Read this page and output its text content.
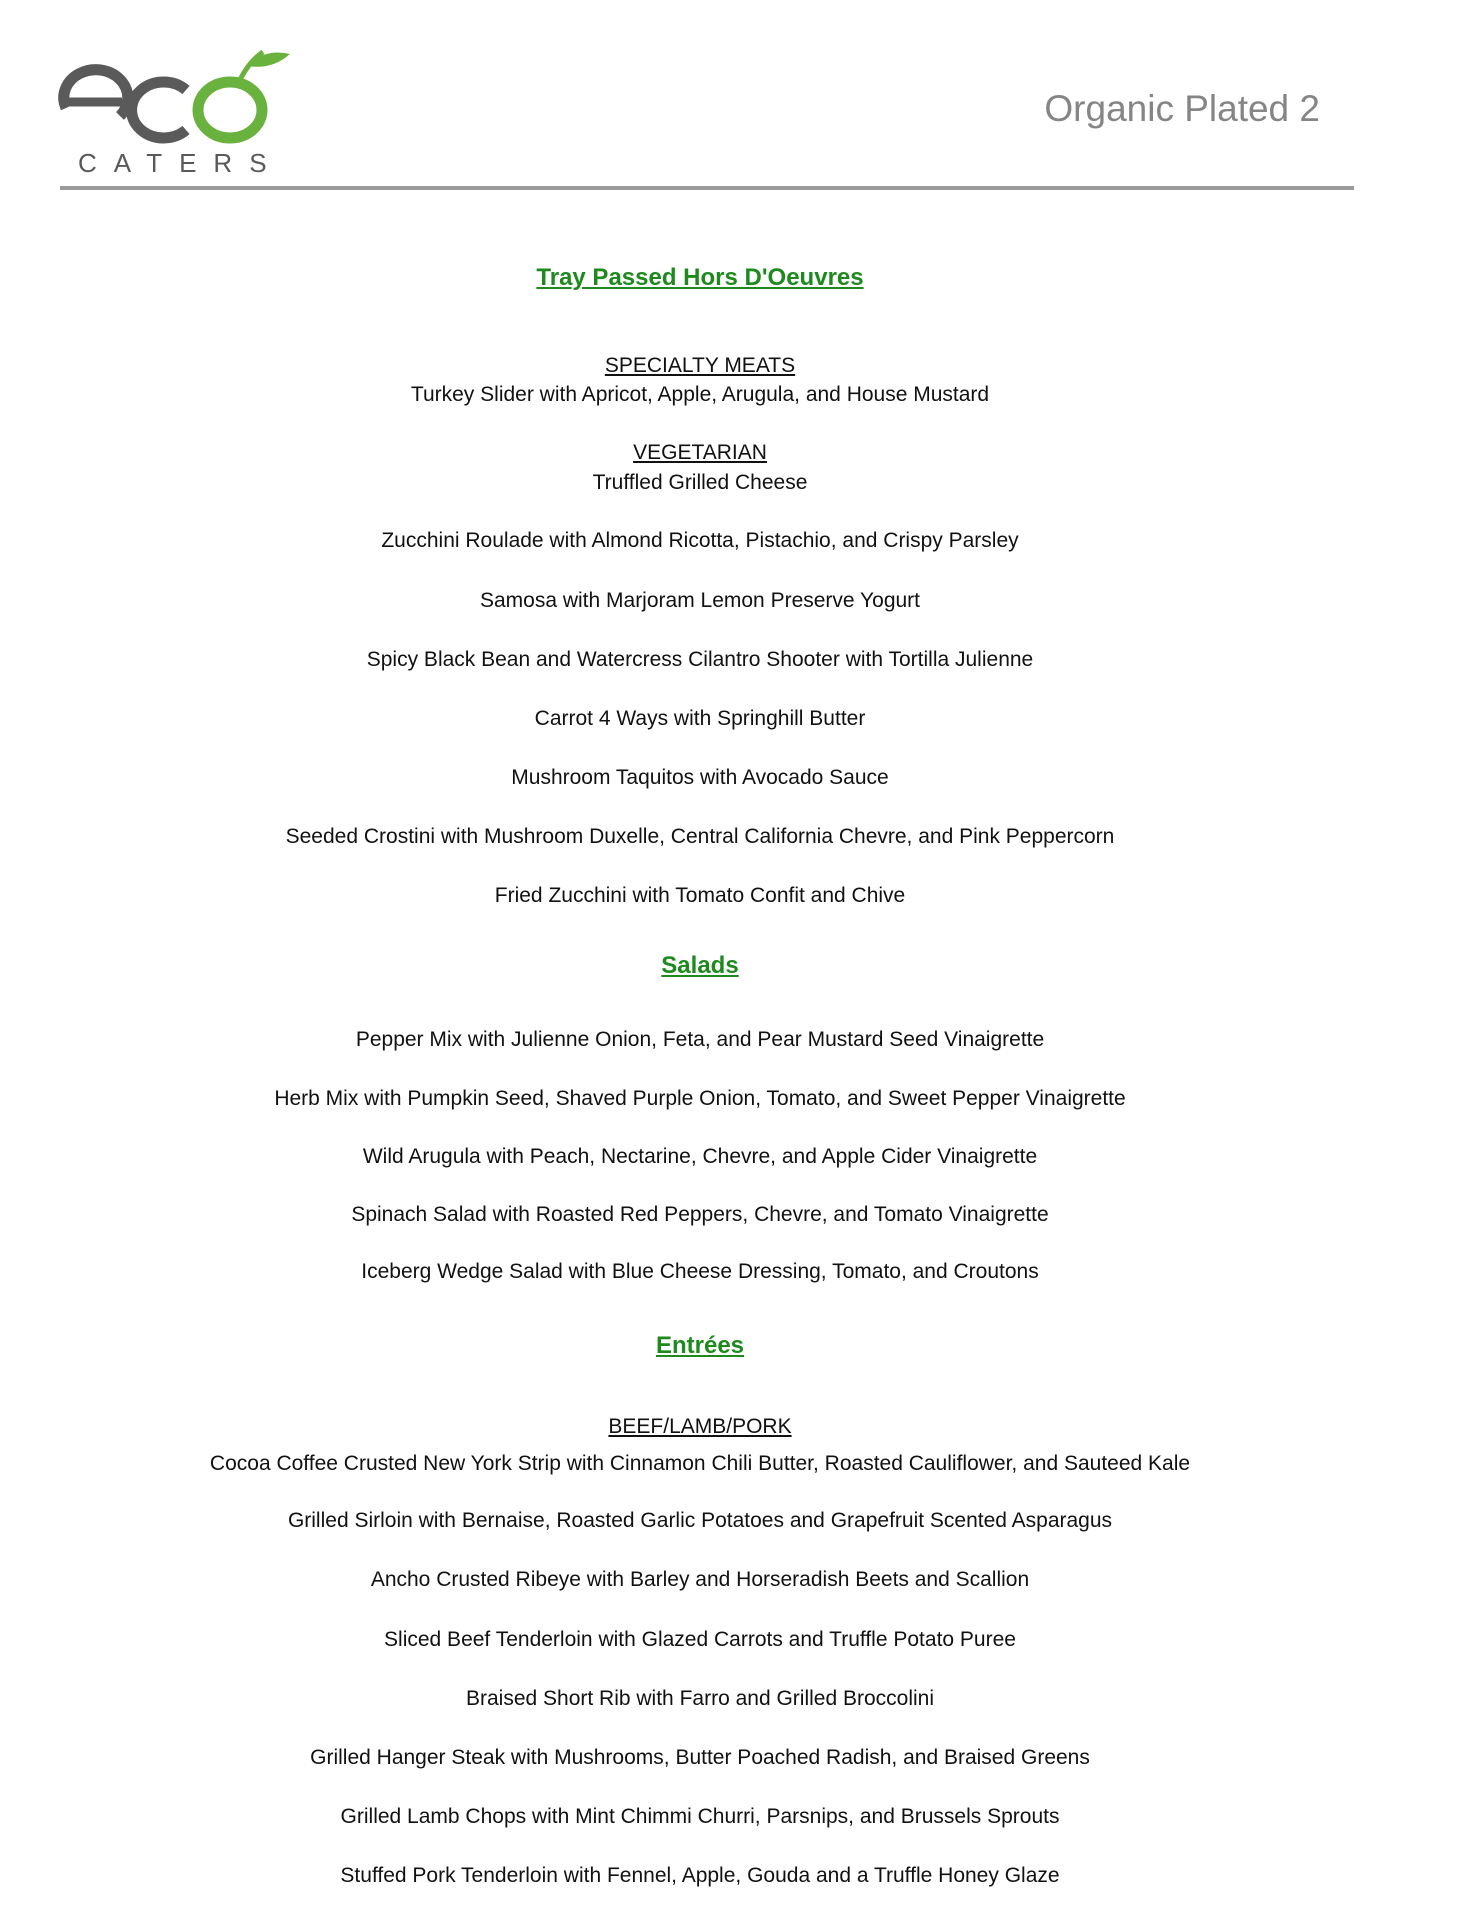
CATERS
Organic Plated 2
Tray Passed Hors D'Oeuvres
SPECIALTY MEATS
Turkey Slider with Apricot, Apple, Arugula, and House Mustard
VEGETARIAN
Truffled Grilled Cheese
Zucchini Roulade with Almond Ricotta, Pistachio, and Crispy Parsley
Samosa with Marjoram Lemon Preserve Yogurt
Spicy Black Bean and Watercress Cilantro Shooter with Tortilla Julienne
Carrot 4 Ways with Springhill Butter
Mushroom Taquitos with Avocado Sauce
Seeded Crostini with Mushroom Duxelle, Central California Chevre, and Pink Peppercorn
Fried Zucchini with Tomato Confit and Chive
Salads
Pepper Mix with Julienne Onion, Feta, and Pear Mustard Seed Vinaigrette
Herb Mix with Pumpkin Seed, Shaved Purple Onion, Tomato, and Sweet Pepper Vinaigrette
Wild Arugula with Peach, Nectarine, Chevre, and Apple Cider Vinaigrette
Spinach Salad with Roasted Red Peppers, Chevre, and Tomato Vinaigrette
Iceberg Wedge Salad with Blue Cheese Dressing, Tomato, and Croutons
Entrées
BEEF/LAMB/PORK
Cocoa Coffee Crusted New York Strip with Cinnamon Chili Butter, Roasted Cauliflower, and Sauteed Kale
Grilled Sirloin with Bernaise, Roasted Garlic Potatoes and Grapefruit Scented Asparagus
Ancho Crusted Ribeye with Barley and Horseradish Beets and Scallion
Sliced Beef Tenderloin with Glazed Carrots and Truffle Potato Puree
Braised Short Rib with Farro and Grilled Broccolini
Grilled Hanger Steak with Mushrooms, Butter Poached Radish, and Braised Greens
Grilled Lamb Chops with Mint Chimmi Churri, Parsnips, and Brussels Sprouts
Stuffed Pork Tenderloin with Fennel, Apple, Gouda and a Truffle Honey Glaze
